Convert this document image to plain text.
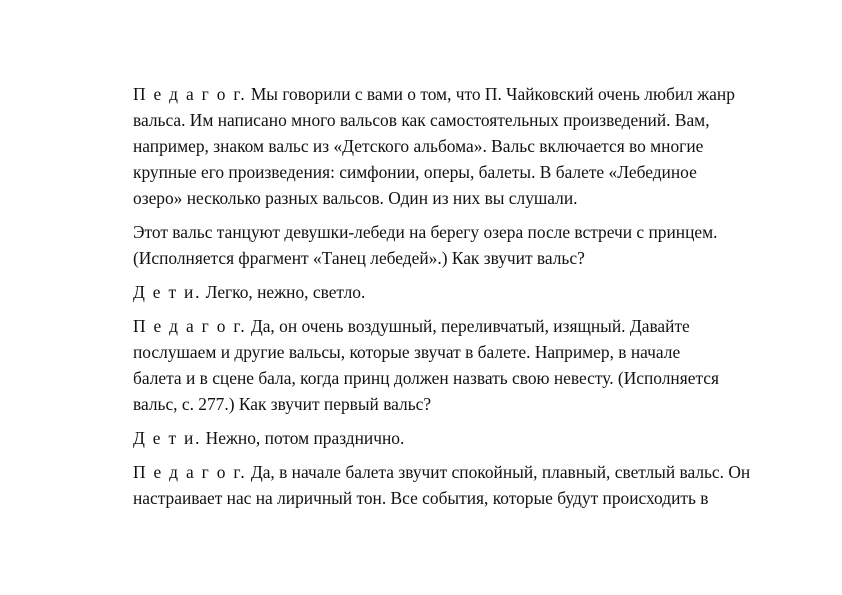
П е д а г о г. Мы говорили с вами о том, что П. Чайковский очень любил жанр
вальса. Им написано много вальсов как самостоятельных произведений. Вам,
например, знаком вальс из «Детского альбома». Вальс включается во многие
крупные его произведения: симфонии, оперы, балеты. В балете «Лебединое
озеро» несколько разных вальсов. Один из них вы слушали.

Этот вальс танцуют девушки-лебеди на берегу озера после встречи с принцем.
(Исполняется фрагмент «Танец лебедей».) Как звучит вальс?

Д е т и. Легко, нежно, светло.

П е д а г о г. Да, он очень воздушный, переливчатый, изящный. Давайте
послушаем и другие вальсы, которые звучат в балете. Например, в начале
балета и в сцене бала, когда принц должен назвать свою невесту. (Исполняется
вальс, с. 277.) Как звучит первый вальс?

Д е т и. Нежно, потом празднично.

П е д а г о г. Да, в начале балета звучит спокойный, плавный, светлый вальс. Он
настраивает нас на лиричный тон. Все события, которые будут происходить в
